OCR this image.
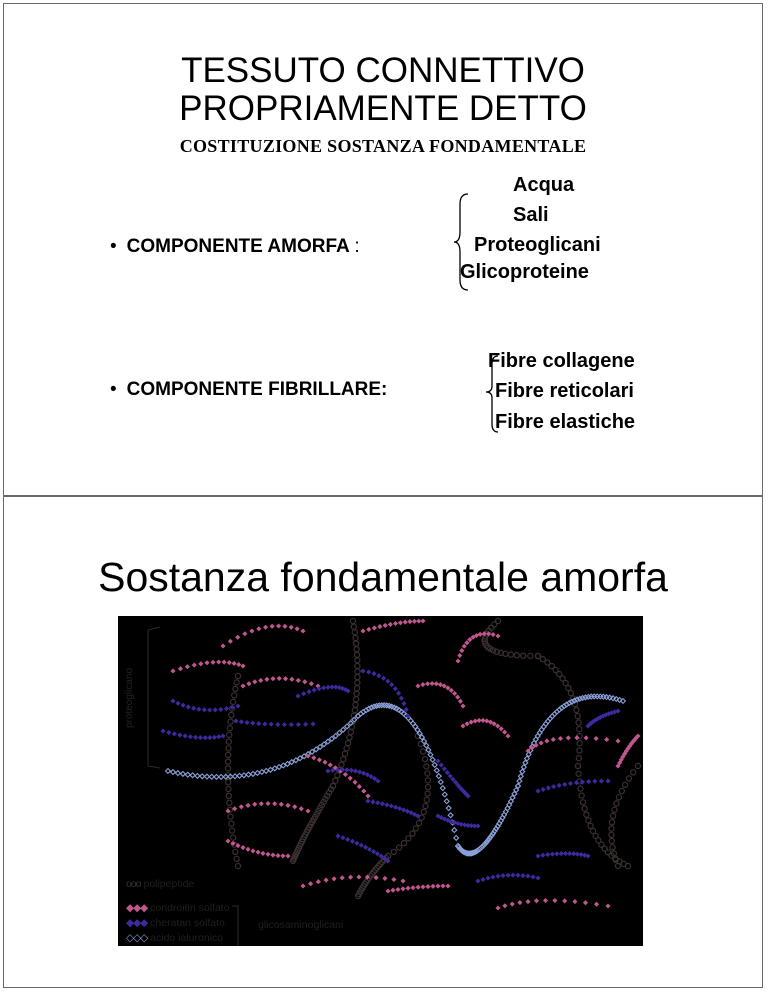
TESSUTO CONNETTIVO
PROPRIAMENTE DETTO
COSTITUZIONE SOSTANZA FONDAMENTALE
• COMPONENTE AMORFA :
Acqua
Sali
Proteoglicani
Glicoproteine
• COMPONENTE FIBRILLARE:
Fibre collagene
Fibre reticolari
Fibre elastiche
Sostanza fondamentale amorfa
proteoglicano
ooo polipeptide
◆◆◆ condroitin solfato
◆◆◆ cheratan solfato
◇◇◇ acido ialuronico
glicosaminoglicani
